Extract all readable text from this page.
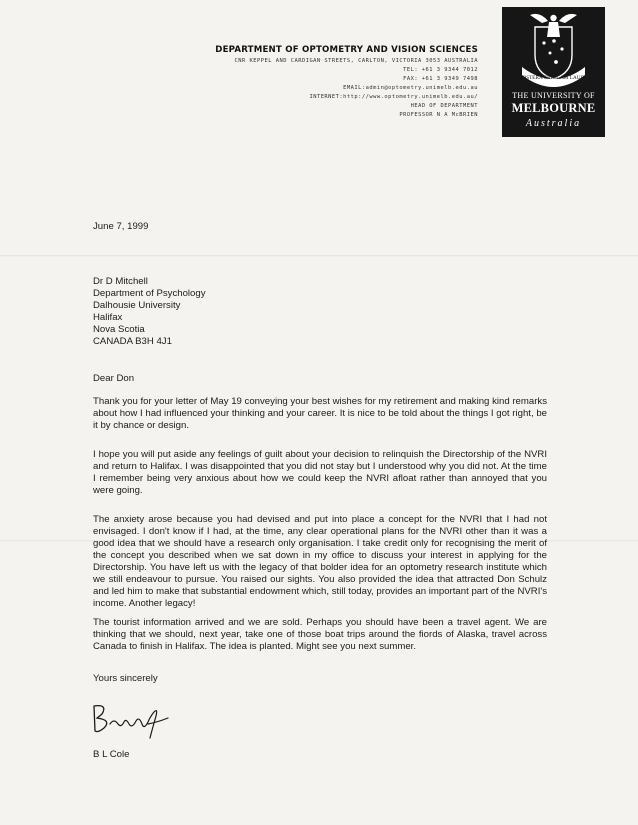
DEPARTMENT OF OPTOMETRY AND VISION SCIENCES
CNR KEPPEL AND CARDIGAN STREETS, CARLTON, VICTORIA 3053 AUSTRALIA
TEL: +61 3 9344 7012
FAX: +61 3 9349 7498
EMAIL:admin@optometry.unimelb.edu.au
INTERNET:http://www.optometry.unimelb.edu.au/
HEAD OF DEPARTMENT
PROFESSOR N A McBRIEN
POSTERA CRESCAM LAUDE
THE UNIVERSITY OF
MELBOURNE
Australia
June 7, 1999
Dr D Mitchell
Department of Psychology
Dalhousie University
Halifax
Nova Scotia
CANADA B3H 4J1
Dear Don
Thank you for your letter of May 19 conveying your best wishes for my retirement and making kind remarks about how I had influenced your thinking and your career. It is nice to be told about the things I got right, be it by chance or design.
I hope you will put aside any feelings of guilt about your decision to relinquish the Directorship of the NVRI and return to Halifax. I was disappointed that you did not stay but I understood why you did not. At the time I remember being very anxious about how we could keep the NVRI afloat rather than annoyed that you were going.
The anxiety arose because you had devised and put into place a concept for the NVRI that I had not envisaged. I don't know if I had, at the time, any clear operational plans for the NVRI other than it was a good idea that we should have a research only organisation. I take credit only for recognising the merit of the concept you described when we sat down in my office to discuss your interest in applying for the Directorship. You have left us with the legacy of that bolder idea for an optometry research institute which we still endeavour to pursue. You raised our sights. You also provided the idea that attracted Don Schulz and led him to make that substantial endowment which, still today, provides an important part of the NVRI's income. Another legacy!
The tourist information arrived and we are sold. Perhaps you should have been a travel agent. We are thinking that we should, next year, take one of those boat trips around the fiords of Alaska, travel across Canada to finish in Halifax. The idea is planted. Might see you next summer.
Yours sincerely
B L Cole
